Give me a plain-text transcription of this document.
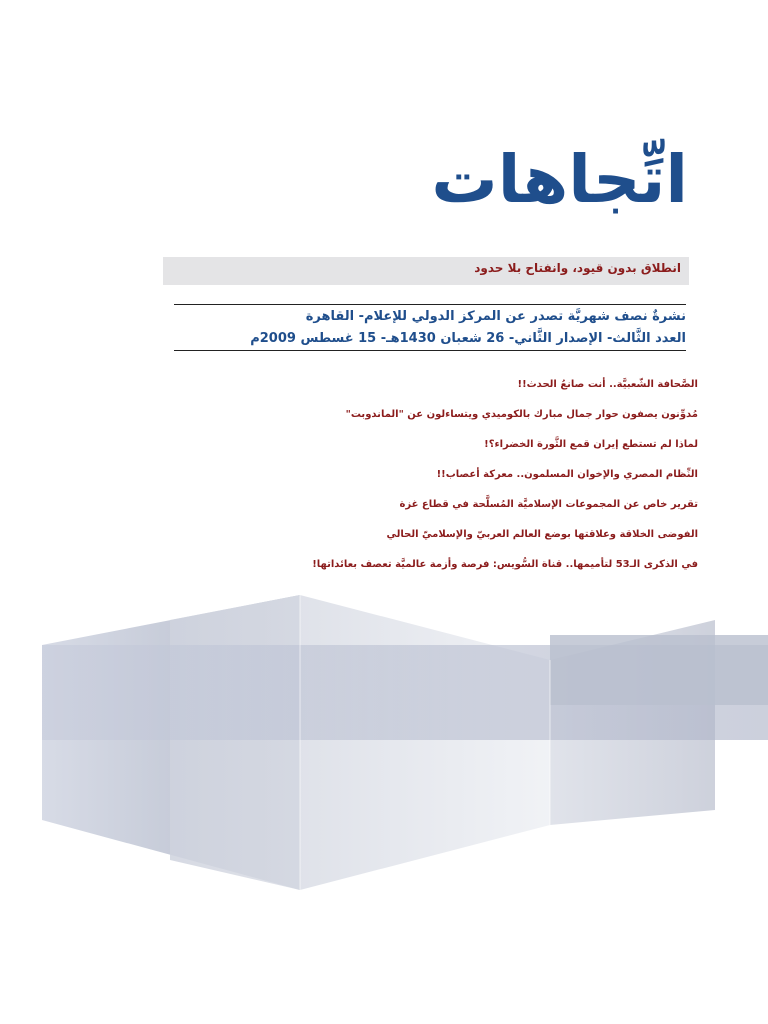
اتِّجاهات
انطلاق بدون قيود، وانفتاح بلا حدود
نشرةٌ نصف شهريَّة تصدر عن المركز الدولي للإعلام- القاهرة
العدد الثَّالث- الإصدار الثَّاني- 26 شعبان 1430هـ- 15 غسطس 2009م
الصَّحافة الشّعبيَّة.. أنت صانعُ الحدث!!
مُدوِّنون يصفون حوار جمال مبارك بالكوميدي ويتساءلون عن "الماندوبت"
لماذا لم تستطع إيران قمع الثَّورة الخضراء؟!
النِّظام المصري والإخوان المسلمون.. معركة أعصاب!!
تقرير خاص عن المجموعات الإسلاميَّة المُسلَّحة في قطاع غزة
الفوضى الخلاقة وعلاقتها بوضع العالم العربيّ والإسلاميّ الحالي
في الذكرى الـ53 لتأميمها.. قناة السُّويس: فرصة وأزمة عالميَّة تعصف بعائداتها!
